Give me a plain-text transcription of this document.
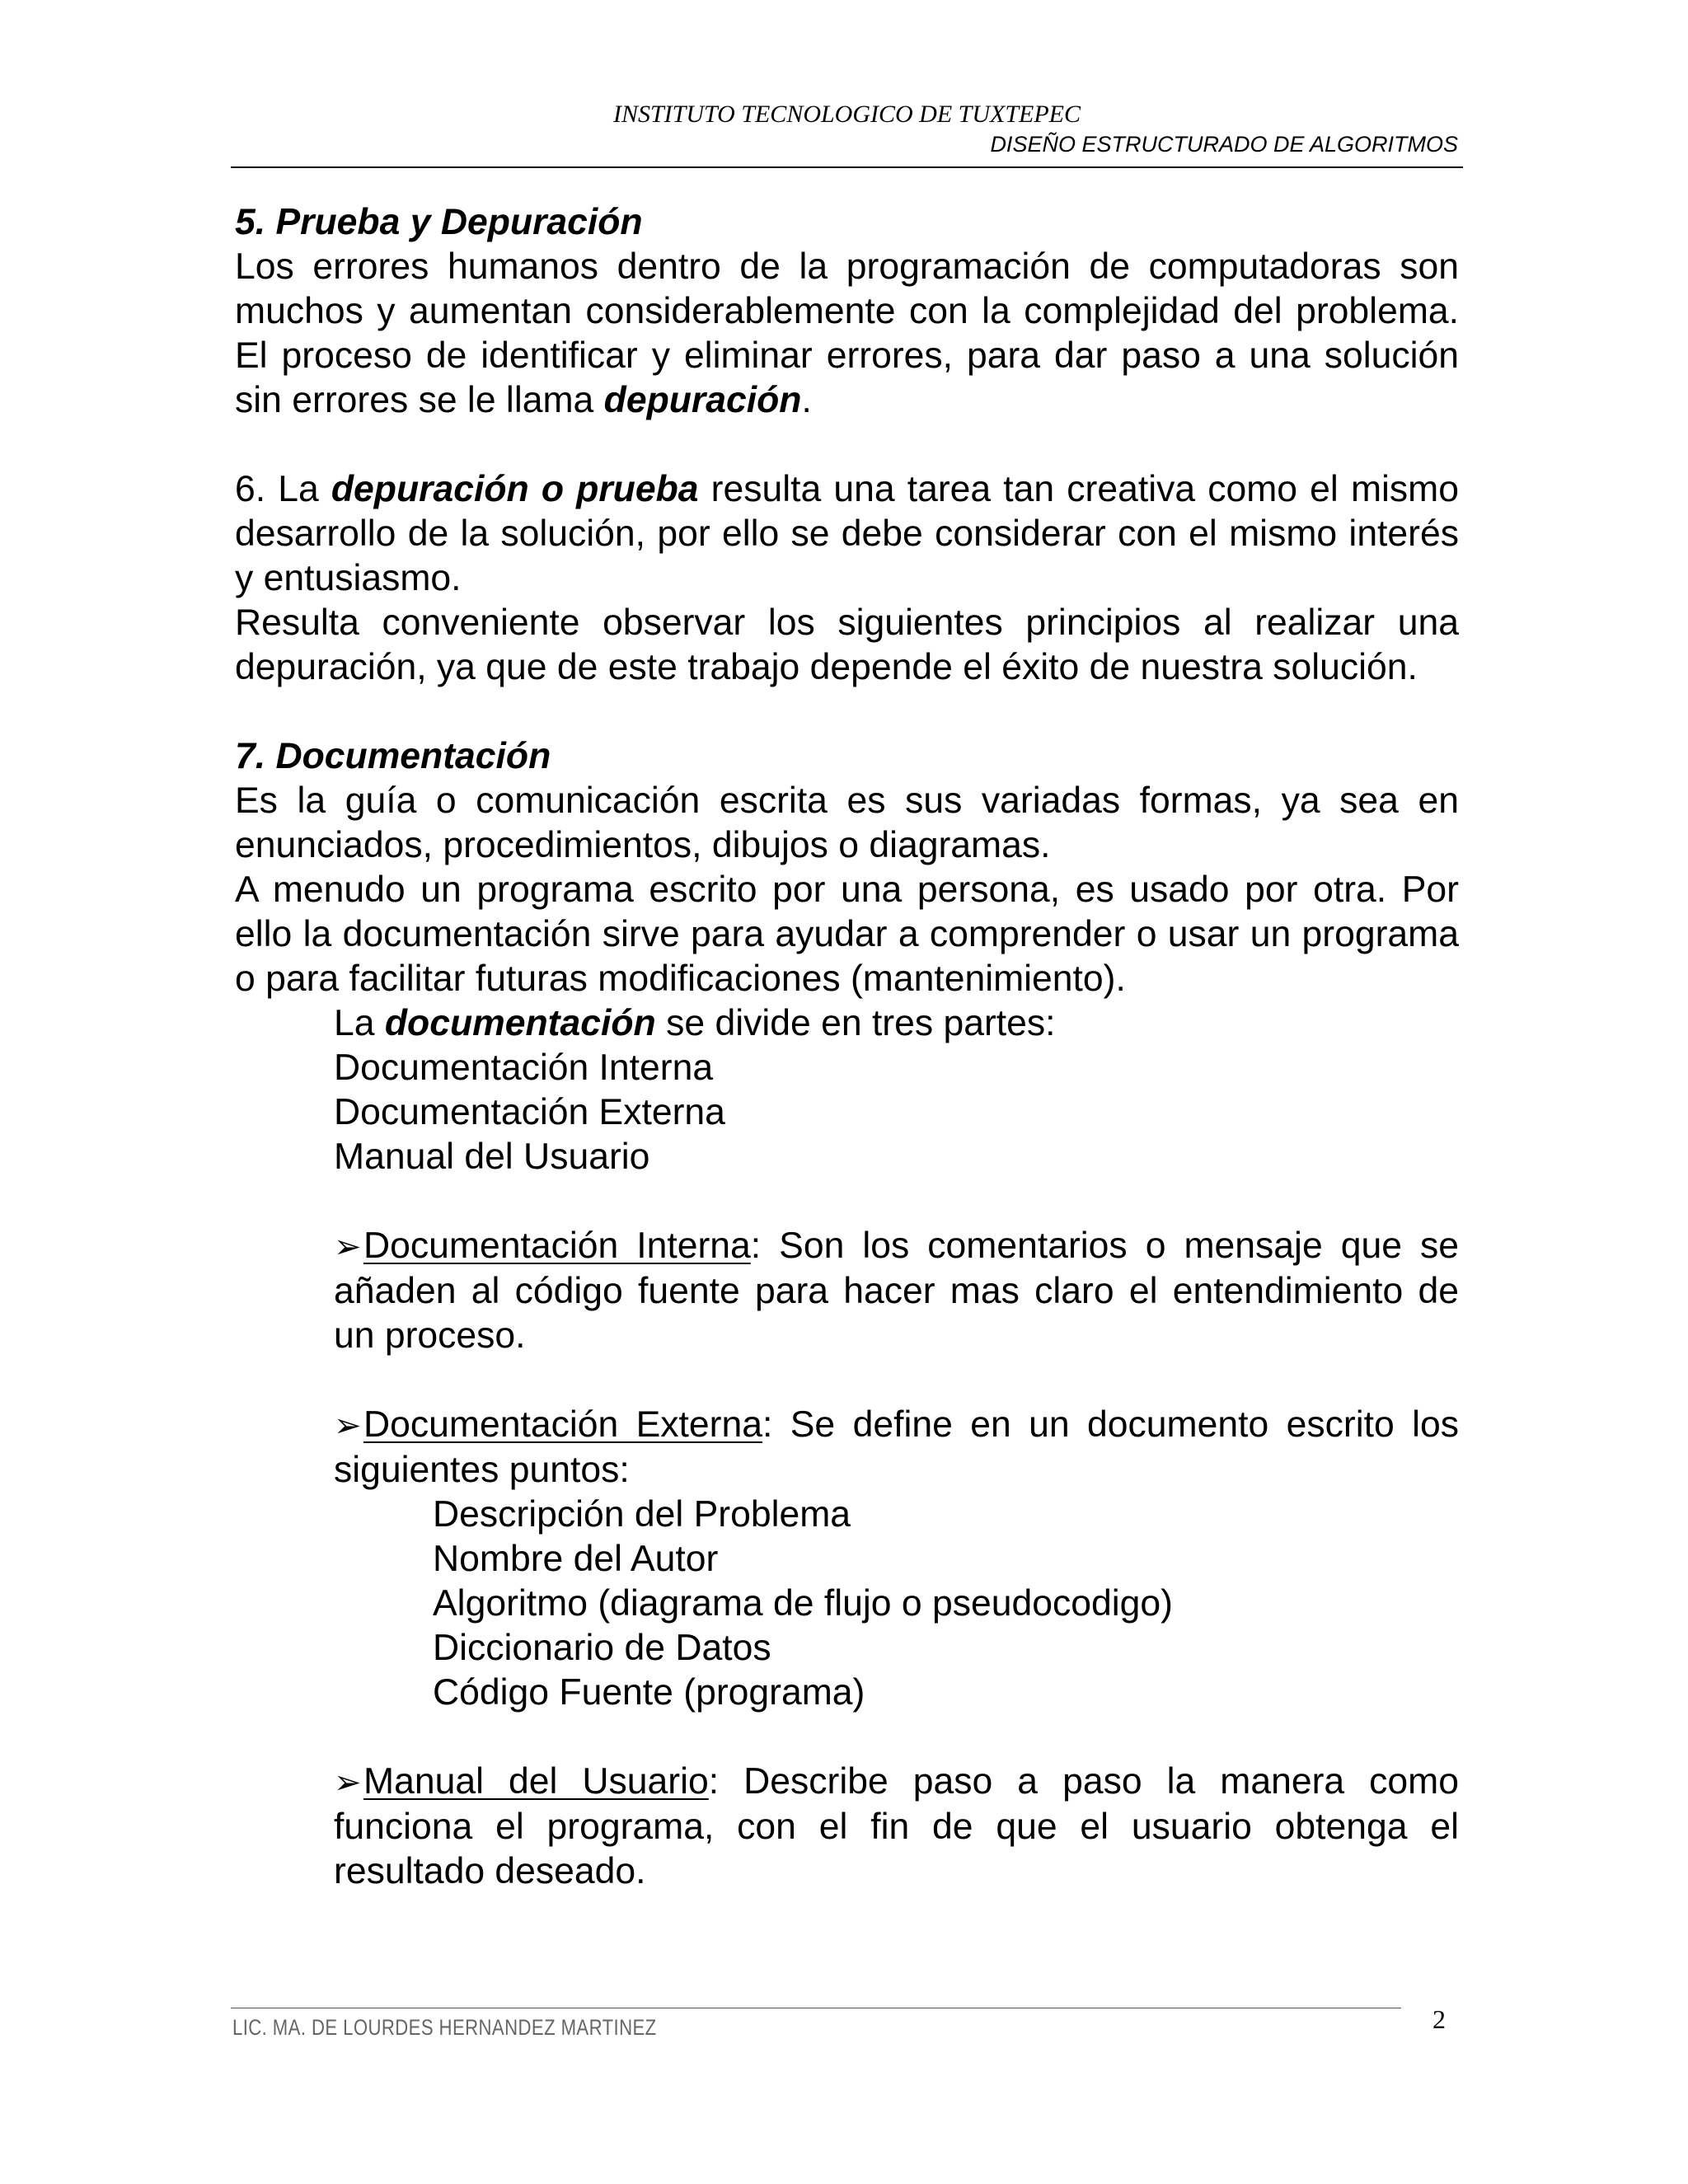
INSTITUTO TECNOLOGICO DE TUXTEPEC
DISEÑO ESTRUCTURADO DE ALGORITMOS

5. Prueba y Depuración

Los errores humanos dentro de la programación de computadoras son muchos y aumentan considerablemente con la complejidad del problema. El proceso de identificar y eliminar errores, para dar paso a una solución sin errores se le llama depuración.

6. La depuración o prueba resulta una tarea tan creativa como el mismo desarrollo de la solución, por ello se debe considerar con el mismo interés y entusiasmo.

Resulta conveniente observar los siguientes principios al realizar una depuración, ya que de este trabajo depende el éxito de nuestra solución.

7. Documentación

Es la guía o comunicación escrita es sus variadas formas, ya sea en enunciados, procedimientos, dibujos o diagramas.

A menudo un programa escrito por una persona, es usado por otra. Por ello la documentación sirve para ayudar a comprender o usar un programa o para facilitar futuras modificaciones (mantenimiento).

La documentación se divide en tres partes:

Documentación Interna

Documentación Externa

Manual del Usuario

➢Documentación Interna: Son los comentarios o mensaje que se añaden al código fuente para hacer mas claro el entendimiento de un proceso.

➢Documentación Externa: Se define en un documento escrito los siguientes puntos:

Descripción del Problema

Nombre del Autor

Algoritmo (diagrama de flujo o pseudocodigo)

Diccionario de Datos

Código Fuente (programa)

➢Manual del Usuario: Describe paso a paso la manera como funciona el programa, con el fin de que el usuario obtenga el resultado deseado.

LIC. MA. DE LOURDES HERNANDEZ MARTINEZ	2
